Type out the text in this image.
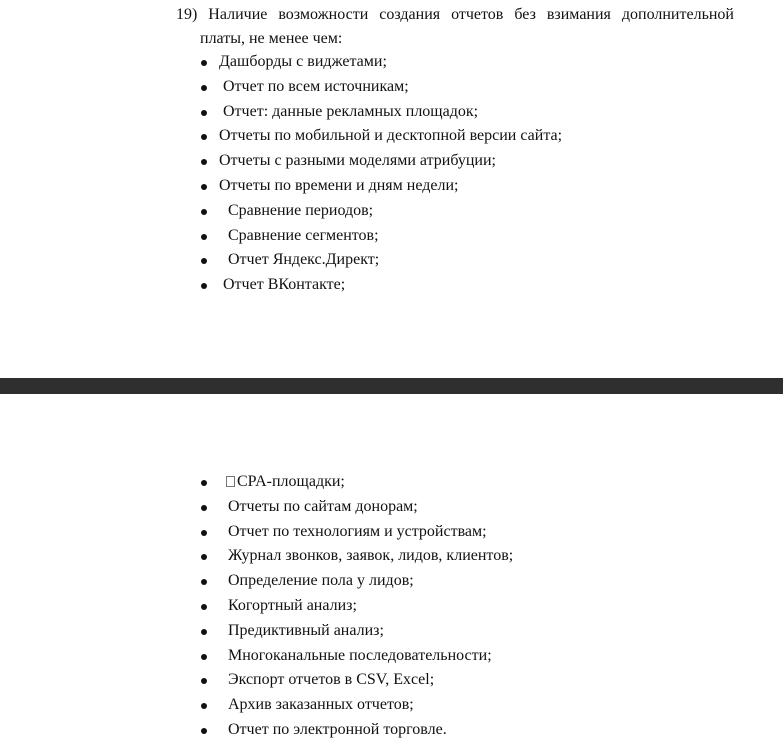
19) Наличие возможности создания отчетов без взимания дополнительной
платы, не менее чем:

Дашборды с виджетами;
Отчет по всем источникам;
Отчет: данные рекламных площадок;
Отчеты по мобильной и десктопной версии сайта;
Отчеты с разными моделями атрибуции;
Отчеты по времени и дням недели;
Сравнение периодов;
Сравнение сегментов;
Отчет Яндекс.Директ;
Отчет ВКонтакте;
CPA-площадки;
Отчеты по сайтам донорам;
Отчет по технологиям и устройствам;
Журнал звонков, заявок, лидов, клиентов;
Определение пола у лидов;
Когортный анализ;
Предиктивный анализ;
Многоканальные последовательности;
Экспорт отчетов в CSV, Excel;
Архив заказанных отчетов;
Отчет по электронной торговле.
